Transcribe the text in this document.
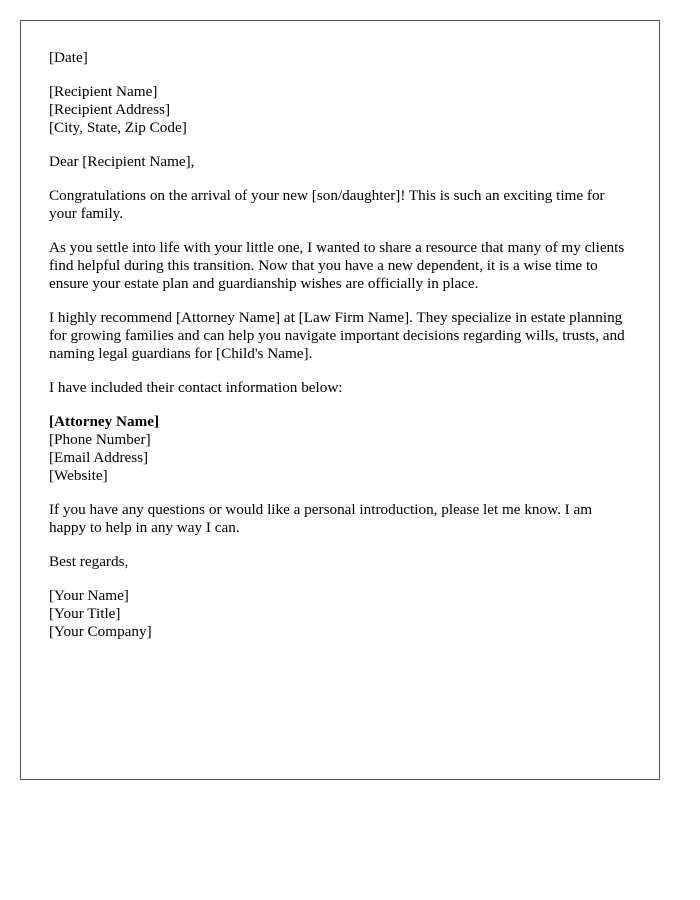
[Date]

[Recipient Name]
[Recipient Address]
[City, State, Zip Code]

Dear [Recipient Name],

Congratulations on the arrival of your new [son/daughter]! This is such an exciting time for your family.

As you settle into life with your little one, I wanted to share a resource that many of my clients find helpful during this transition. Now that you have a new dependent, it is a wise time to ensure your estate plan and guardianship wishes are officially in place.

I highly recommend [Attorney Name] at [Law Firm Name]. They specialize in estate planning for growing families and can help you navigate important decisions regarding wills, trusts, and naming legal guardians for [Child's Name].

I have included their contact information below:

[Attorney Name]
[Phone Number]
[Email Address]
[Website]

If you have any questions or would like a personal introduction, please let me know. I am happy to help in any way I can.

Best regards,

[Your Name]
[Your Title]
[Your Company]
